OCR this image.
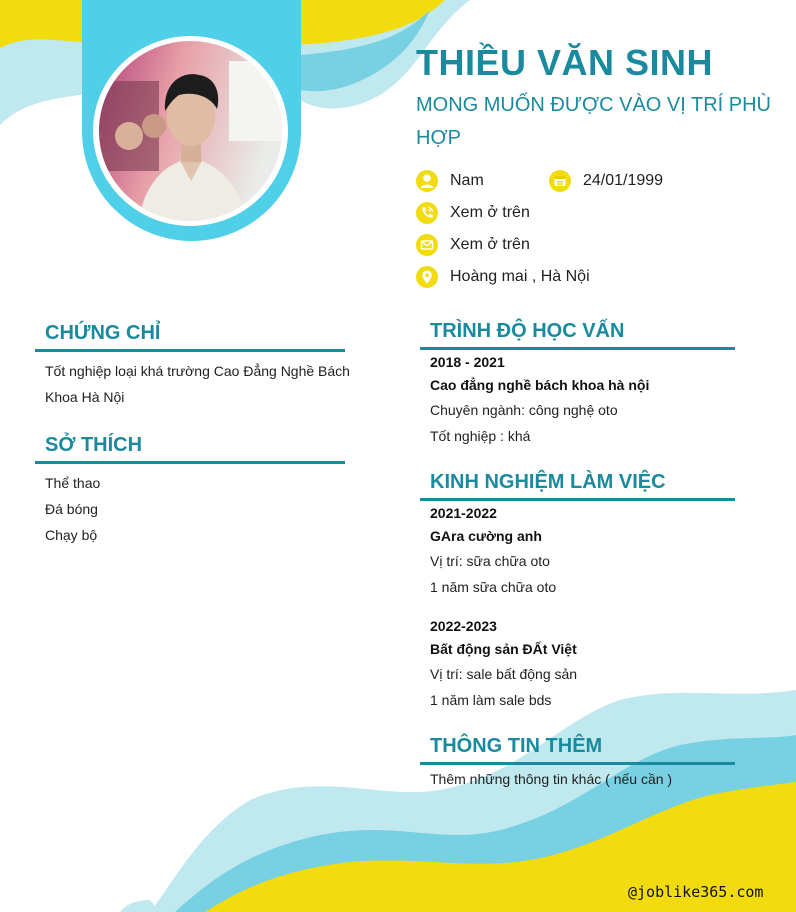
THIỀU VĂN SINH

MONG MUỐN ĐƯỢC VÀO VỊ TRÍ PHÙ HỢP

Nam	24/01/1999
Xem ở trên
Xem ở trên
Hoàng mai , Hà Nội
CHỨNG CHỈ
Tốt nghiệp loại khá trường Cao Đẳng Nghề Bách Khoa Hà Nội
SỞ THÍCH
Thể thao
Đá bóng
Chạy bộ
TRÌNH ĐỘ HỌC VẤN
2018 - 2021
Cao đẳng nghề bách khoa hà nội
Chuyên ngành: công nghệ oto
Tốt nghiệp : khá
KINH NGHIỆM LÀM VIỆC
2021-2022
GAra cường anh
Vị trí: sữa chữa oto
1 năm sữa chữa oto
2022-2023
Bất động sản ĐẤt Việt
Vị trí: sale bất động sản
1 năm làm sale bds
THÔNG TIN THÊM
Thêm những thông tin khác ( nếu cần )
@joblike365.com
